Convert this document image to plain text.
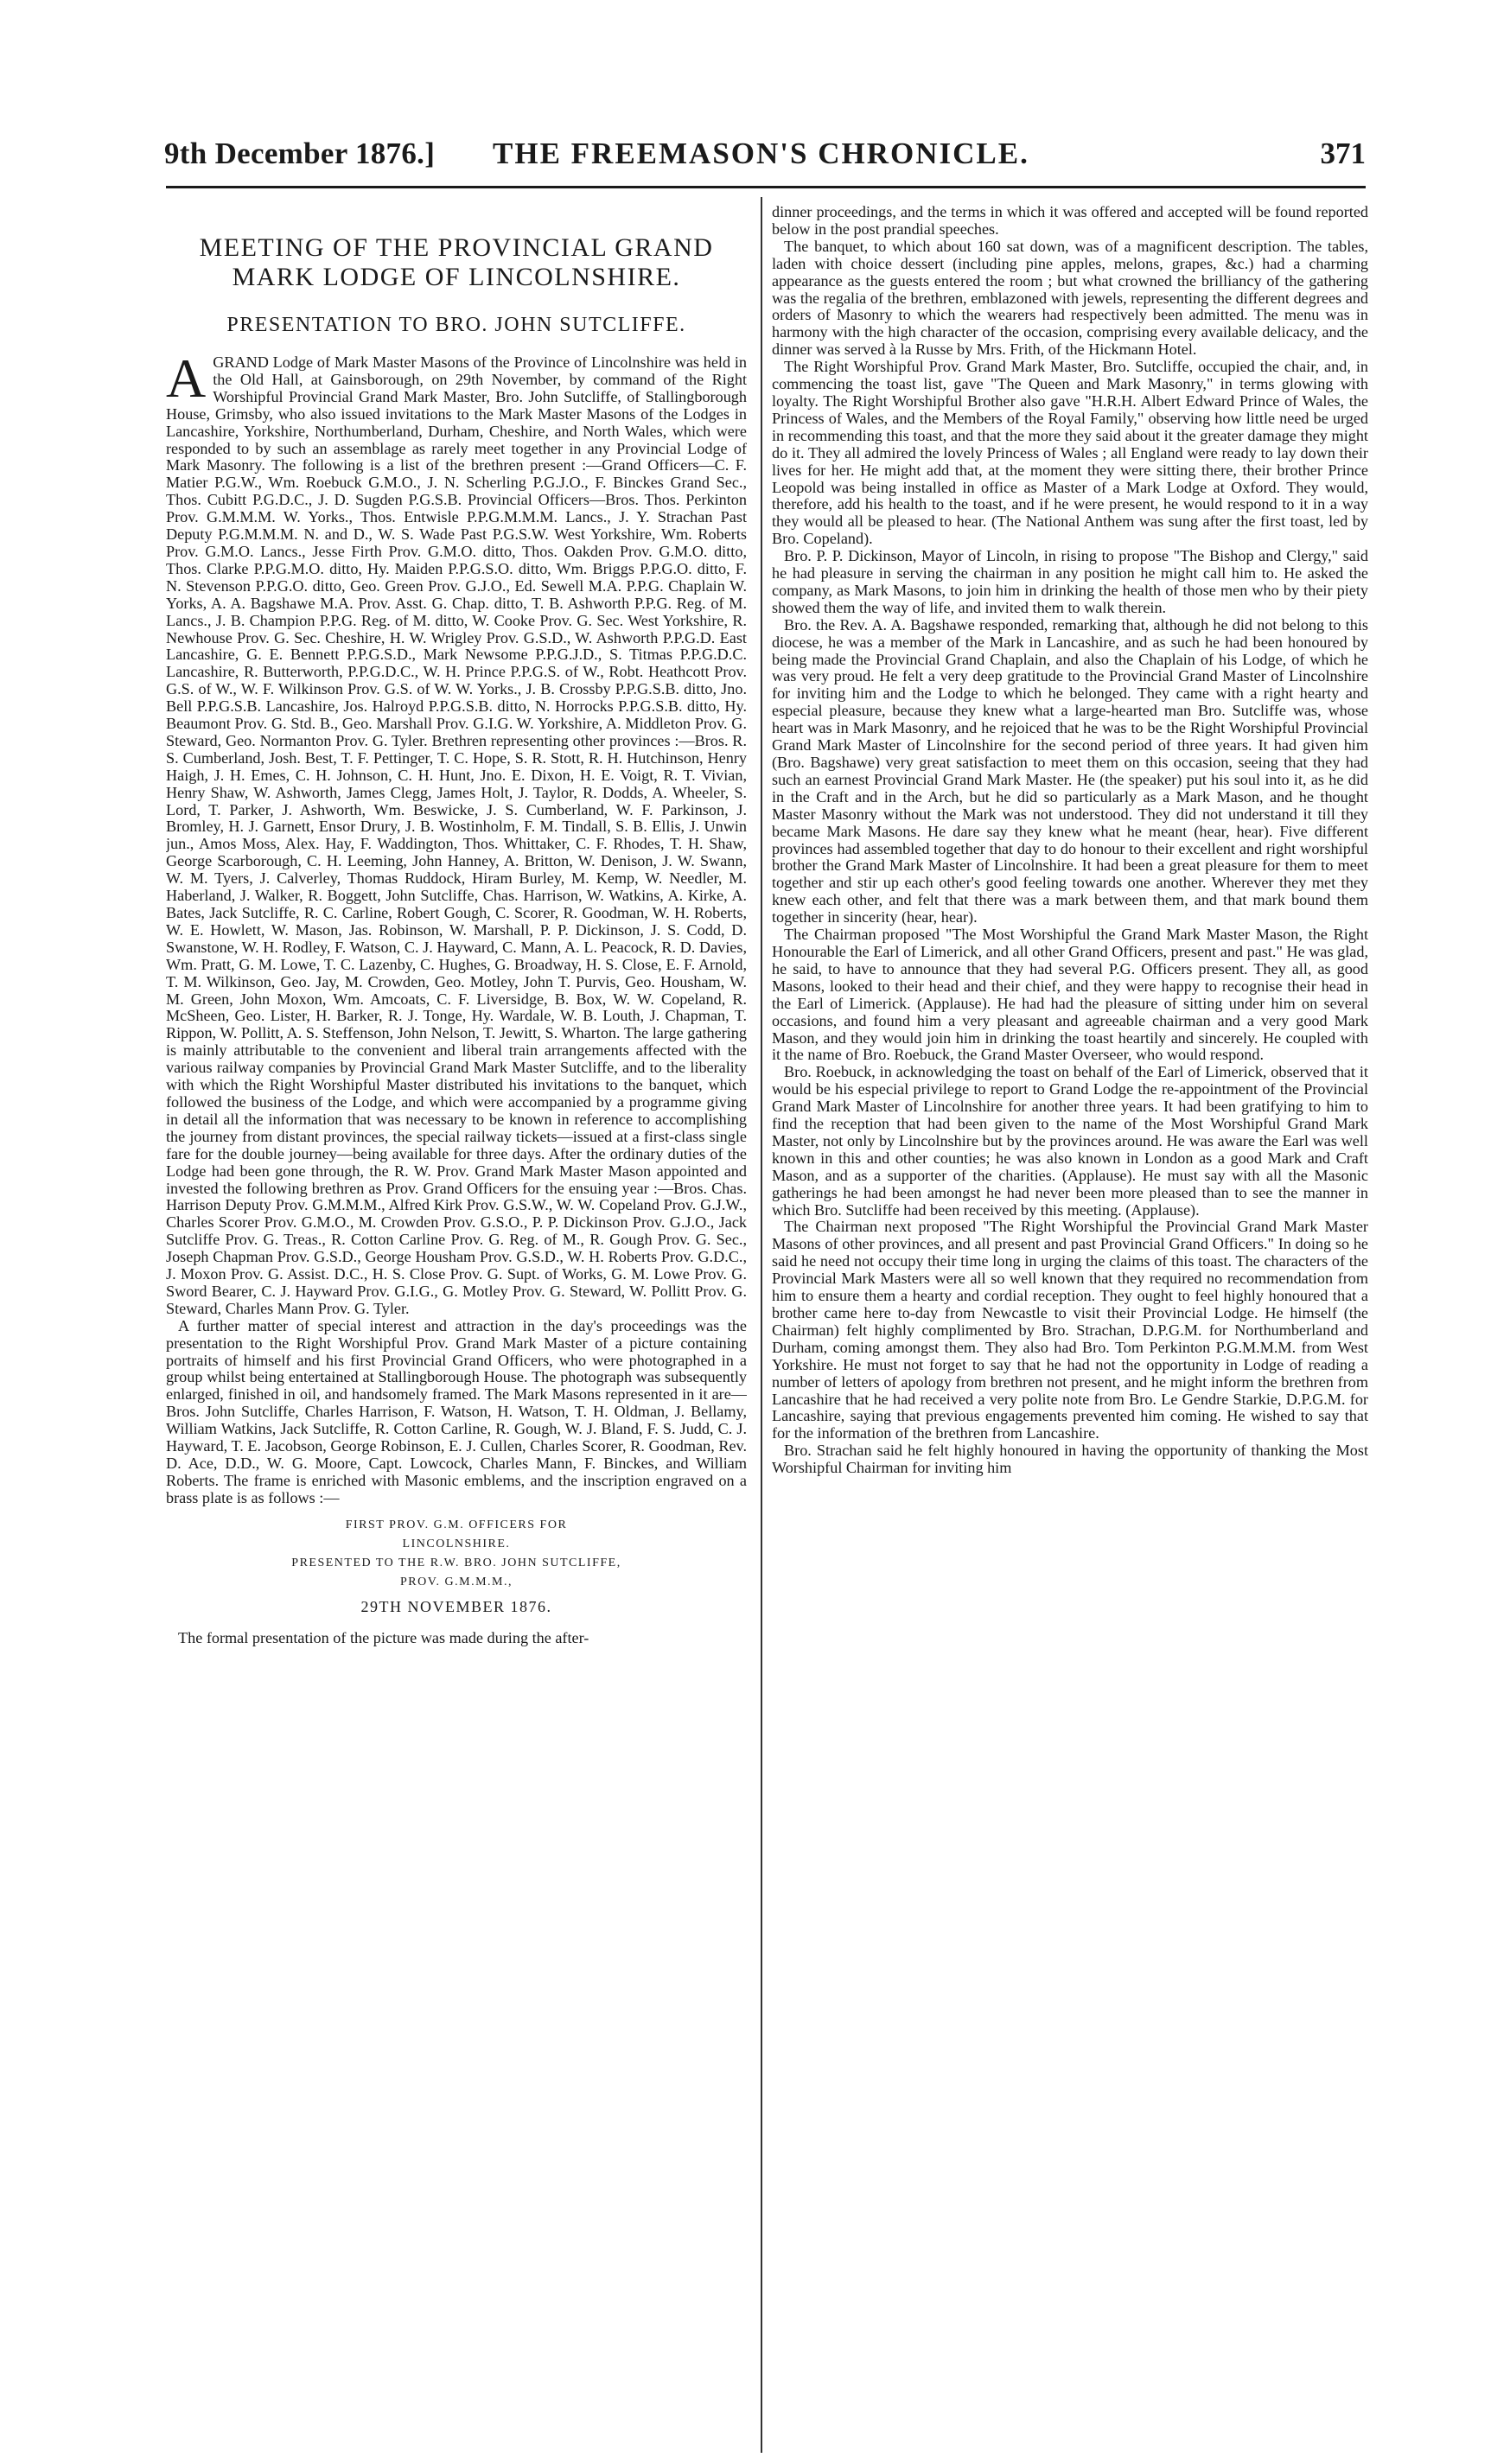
9th December 1876.] THE FREEMASON'S CHRONICLE.	371
MEETING OF THE PROVINCIAL GRAND
MARK LODGE OF LINCOLNSHIRE.
PRESENTATION TO BRO. JOHN SUTCLIFFE.

AGRAND Lodge of Mark Master Masons of the Province of Lincolnshire was held in the Old Hall, at Gainsborough, on 29th November, by command of the Right Worshipful Provincial Grand Mark Master, Bro. John Sutcliffe, of Stallingborough House, Grimsby, who also issued invitations to the Mark Master Masons of the Lodges in Lancashire, Yorkshire, Northumberland, Durham, Cheshire, and North Wales, which were responded to by such an assemblage as rarely meet together in any Provincial Lodge of Mark Masonry. The following is a list of the brethren present :—Grand Officers—C. F. Matier P.G.W., Wm. Roebuck G.M.O., J. N. Scherling P.G.J.O., F. Binckes Grand Sec., Thos. Cubitt P.G.D.C., J. D. Sugden P.G.S.B. Provincial Officers—Bros. Thos. Perkinton Prov. G.M.M.M. W. Yorks., Thos. Entwisle P.P.G.M.M.M. Lancs., J. Y. Strachan Past Deputy P.G.M.M.M. N. and D., W. S. Wade Past P.G.S.W. West Yorkshire, Wm. Roberts Prov. G.M.O. Lancs., Jesse Firth Prov. G.M.O. ditto, Thos. Oakden Prov. G.M.O. ditto, Thos. Clarke P.P.G.M.O. ditto, Hy. Maiden P.P.G.S.O. ditto, Wm. Briggs P.P.G.O. ditto, F. N. Stevenson P.P.G.O. ditto, Geo. Green Prov. G.J.O., Ed. Sewell M.A. P.P.G. Chaplain W. Yorks, A. A. Bagshawe M.A. Prov. Asst. G. Chap. ditto, T. B. Ashworth P.P.G. Reg. of M. Lancs., J. B. Champion P.P.G. Reg. of M. ditto, W. Cooke Prov. G. Sec. West Yorkshire, R. Newhouse Prov. G. Sec. Cheshire, H. W. Wrigley Prov. G.S.D., W. Ashworth P.P.G.D. East Lancashire, G. E. Bennett P.P.G.S.D., Mark Newsome P.P.G.J.D., S. Titmas P.P.G.D.C. Lancashire, R. Butterworth, P.P.G.D.C., W. H. Prince P.P.G.S. of W., Robt. Heathcott Prov. G.S. of W., W. F. Wilkinson Prov. G.S. of W. W. Yorks., J. B. Crossby P.P.G.S.B. ditto, Jno. Bell P.P.G.S.B. Lancashire, Jos. Halroyd P.P.G.S.B. ditto, N. Horrocks P.P.G.S.B. ditto, Hy. Beaumont Prov. G. Std. B., Geo. Marshall Prov. G.I.G. W. Yorkshire, A. Middleton Prov. G. Steward, Geo. Normanton Prov. G. Tyler. Brethren representing other provinces :—Bros. R. S. Cumberland, Josh. Best, T. F. Pettinger, T. C. Hope, S. R. Stott, R. H. Hutchinson, Henry Haigh, J. H. Emes, C. H. Johnson, C. H. Hunt, Jno. E. Dixon, H. E. Voigt, R. T. Vivian, Henry Shaw, W. Ashworth, James Clegg, James Holt, J. Taylor, R. Dodds, A. Wheeler, S. Lord, T. Parker, J. Ashworth, Wm. Beswicke, J. S. Cumberland, W. F. Parkinson, J. Bromley, H. J. Garnett, Ensor Drury, J. B. Wostinholm, F. M. Tindall, S. B. Ellis, J. Unwin jun., Amos Moss, Alex. Hay, F. Waddington, Thos. Whittaker, C. F. Rhodes, T. H. Shaw, George Scarborough, C. H. Leeming, John Hanney, A. Britton, W. Denison, J. W. Swann, W. M. Tyers, J. Calverley, Thomas Ruddock, Hiram Burley, M. Kemp, W. Needler, M. Haberland, J. Walker, R. Boggett, John Sutcliffe, Chas. Harrison, W. Watkins, A. Kirke, A. Bates, Jack Sutcliffe, R. C. Carline, Robert Gough, C. Scorer, R. Goodman, W. H. Roberts, W. E. Howlett, W. Mason, Jas. Robinson, W. Marshall, P. P. Dickinson, J. S. Codd, D. Swanstone, W. H. Rodley, F. Watson, C. J. Hayward, C. Mann, A. L. Peacock, R. D. Davies, Wm. Pratt, G. M. Lowe, T. C. Lazenby, C. Hughes, G. Broadway, H. S. Close, E. F. Arnold, T. M. Wilkinson, Geo. Jay, M. Crowden, Geo. Motley, John T. Purvis, Geo. Housham, W. M. Green, John Moxon, Wm. Amcoats, C. F. Liversidge, B. Box, W. W. Copeland, R. McSheen, Geo. Lister, H. Barker, R. J. Tonge, Hy. Wardale, W. B. Louth, J. Chapman, T. Rippon, W. Pollitt, A. S. Steffenson, John Nelson, T. Jewitt, S. Wharton. The large gathering is mainly attributable to the convenient and liberal train arrangements affected with the various railway companies by Provincial Grand Mark Master Sutcliffe, and to the liberality with which the Right Worshipful Master distributed his invitations to the banquet, which followed the business of the Lodge, and which were accompanied by a programme giving in detail all the information that was necessary to be known in reference to accomplishing the journey from distant provinces, the special railway tickets—issued at a first-class single fare for the double journey—being available for three days. After the ordinary duties of the Lodge had been gone through, the R. W. Prov. Grand Mark Master Mason appointed and invested the following brethren as Prov. Grand Officers for the ensuing year :—Bros. Chas. Harrison Deputy Prov. G.M.M.M., Alfred Kirk Prov. G.S.W., W. W. Copeland Prov. G.J.W., Charles Scorer Prov. G.M.O., M. Crowden Prov. G.S.O., P. P. Dickinson Prov. G.J.O., Jack Sutcliffe Prov. G. Treas., R. Cotton Carline Prov. G. Reg. of M., R. Gough Prov. G. Sec., Joseph Chapman Prov. G.S.D., George Housham Prov. G.S.D., W. H. Roberts Prov. G.D.C., J. Moxon Prov. G. Assist. D.C., H. S. Close Prov. G. Supt. of Works, G. M. Lowe Prov. G. Sword Bearer, C. J. Hayward Prov. G.I.G., G. Motley Prov. G. Steward, W. Pollitt Prov. G. Steward, Charles Mann Prov. G. Tyler.

A further matter of special interest and attraction in the day's proceedings was the presentation to the Right Worshipful Prov. Grand Mark Master of a picture containing portraits of himself and his first Provincial Grand Officers, who were photographed in a group whilst being entertained at Stallingborough House. The photograph was subsequently enlarged, finished in oil, and handsomely framed. The Mark Masons represented in it are—Bros. John Sutcliffe, Charles Harrison, F. Watson, H. Watson, T. H. Oldman, J. Bellamy, William Watkins, Jack Sutcliffe, R. Cotton Carline, R. Gough, W. J. Bland, F. S. Judd, C. J. Hayward, T. E. Jacobson, George Robinson, E. J. Cullen, Charles Scorer, R. Goodman, Rev. D. Ace, D.D., W. G. Moore, Capt. Lowcock, Charles Mann, F. Binckes, and William Roberts. The frame is enriched with Masonic emblems, and the inscription engraved on a brass plate is as follows :—

FIRST PROV. G.M. OFFICERS FOR
LINCOLNSHIRE.
PRESENTED TO THE R.W. BRO. JOHN SUTCLIFFE,
PROV. G.M.M.M.,
29TH NOVEMBER 1876.

The formal presentation of the picture was made during the after-

dinner proceedings, and the terms in which it was offered and accepted will be found reported below in the post prandial speeches.

The banquet, to which about 160 sat down, was of a magnificent description. The tables, laden with choice dessert (including pine apples, melons, grapes, &c.) had a charming appearance as the guests entered the room ; but what crowned the brilliancy of the gathering was the regalia of the brethren, emblazoned with jewels, representing the different degrees and orders of Masonry to which the wearers had respectively been admitted. The menu was in harmony with the high character of the occasion, comprising every available delicacy, and the dinner was served à la Russe by Mrs. Frith, of the Hickmann Hotel.

The Right Worshipful Prov. Grand Mark Master, Bro. Sutcliffe, occupied the chair, and, in commencing the toast list, gave "The Queen and Mark Masonry," in terms glowing with loyalty. The Right Worshipful Brother also gave "H.R.H. Albert Edward Prince of Wales, the Princess of Wales, and the Members of the Royal Family," observing how little need be urged in recommending this toast, and that the more they said about it the greater damage they might do it. They all admired the lovely Princess of Wales ; all England were ready to lay down their lives for her. He might add that, at the moment they were sitting there, their brother Prince Leopold was being installed in office as Master of a Mark Lodge at Oxford. They would, therefore, add his health to the toast, and if he were present, he would respond to it in a way they would all be pleased to hear. (The National Anthem was sung after the first toast, led by Bro. Copeland).

Bro. P. P. Dickinson, Mayor of Lincoln, in rising to propose "The Bishop and Clergy," said he had pleasure in serving the chairman in any position he might call him to. He asked the company, as Mark Masons, to join him in drinking the health of those men who by their piety showed them the way of life, and invited them to walk therein.

Bro. the Rev. A. A. Bagshawe responded, remarking that, although he did not belong to this diocese, he was a member of the Mark in Lancashire, and as such he had been honoured by being made the Provincial Grand Chaplain, and also the Chaplain of his Lodge, of which he was very proud. He felt a very deep gratitude to the Provincial Grand Master of Lincolnshire for inviting him and the Lodge to which he belonged. They came with a right hearty and especial pleasure, because they knew what a large-hearted man Bro. Sutcliffe was, whose heart was in Mark Masonry, and he rejoiced that he was to be the Right Worshipful Provincial Grand Mark Master of Lincolnshire for the second period of three years. It had given him (Bro. Bagshawe) very great satisfaction to meet them on this occasion, seeing that they had such an earnest Provincial Grand Mark Master. He (the speaker) put his soul into it, as he did in the Craft and in the Arch, but he did so particularly as a Mark Mason, and he thought Master Masonry without the Mark was not understood. They did not understand it till they became Mark Masons. He dare say they knew what he meant (hear, hear). Five different provinces had assembled together that day to do honour to their excellent and right worshipful brother the Grand Mark Master of Lincolnshire. It had been a great pleasure for them to meet together and stir up each other's good feeling towards one another. Wherever they met they knew each other, and felt that there was a mark between them, and that mark bound them together in sincerity (hear, hear).

The Chairman proposed "The Most Worshipful the Grand Mark Master Mason, the Right Honourable the Earl of Limerick, and all other Grand Officers, present and past." He was glad, he said, to have to announce that they had several P.G. Officers present. They all, as good Masons, looked to their head and their chief, and they were happy to recognise their head in the Earl of Limerick. (Applause). He had had the pleasure of sitting under him on several occasions, and found him a very pleasant and agreeable chairman and a very good Mark Mason, and they would join him in drinking the toast heartily and sincerely. He coupled with it the name of Bro. Roebuck, the Grand Master Overseer, who would respond.

Bro. Roebuck, in acknowledging the toast on behalf of the Earl of Limerick, observed that it would be his especial privilege to report to Grand Lodge the re-appointment of the Provincial Grand Mark Master of Lincolnshire for another three years. It had been gratifying to him to find the reception that had been given to the name of the Most Worshipful Grand Mark Master, not only by Lincolnshire but by the provinces around. He was aware the Earl was well known in this and other counties; he was also known in London as a good Mark and Craft Mason, and as a supporter of the charities. (Applause). He must say with all the Masonic gatherings he had been amongst he had never been more pleased than to see the manner in which Bro. Sutcliffe had been received by this meeting. (Applause).

The Chairman next proposed "The Right Worshipful the Provincial Grand Mark Master Masons of other provinces, and all present and past Provincial Grand Officers." In doing so he said he need not occupy their time long in urging the claims of this toast. The characters of the Provincial Mark Masters were all so well known that they required no recommendation from him to ensure them a hearty and cordial reception. They ought to feel highly honoured that a brother came here to-day from Newcastle to visit their Provincial Lodge. He himself (the Chairman) felt highly complimented by Bro. Strachan, D.P.G.M. for Northumberland and Durham, coming amongst them. They also had Bro. Tom Perkinton P.G.M.M.M. from West Yorkshire. He must not forget to say that he had not the opportunity in Lodge of reading a number of letters of apology from brethren not present, and he might inform the brethren from Lancashire that he had received a very polite note from Bro. Le Gendre Starkie, D.P.G.M. for Lancashire, saying that previous engagements prevented him coming. He wished to say that for the information of the brethren from Lancashire.

Bro. Strachan said he felt highly honoured in having the opportunity of thanking the Most Worshipful Chairman for inviting him
